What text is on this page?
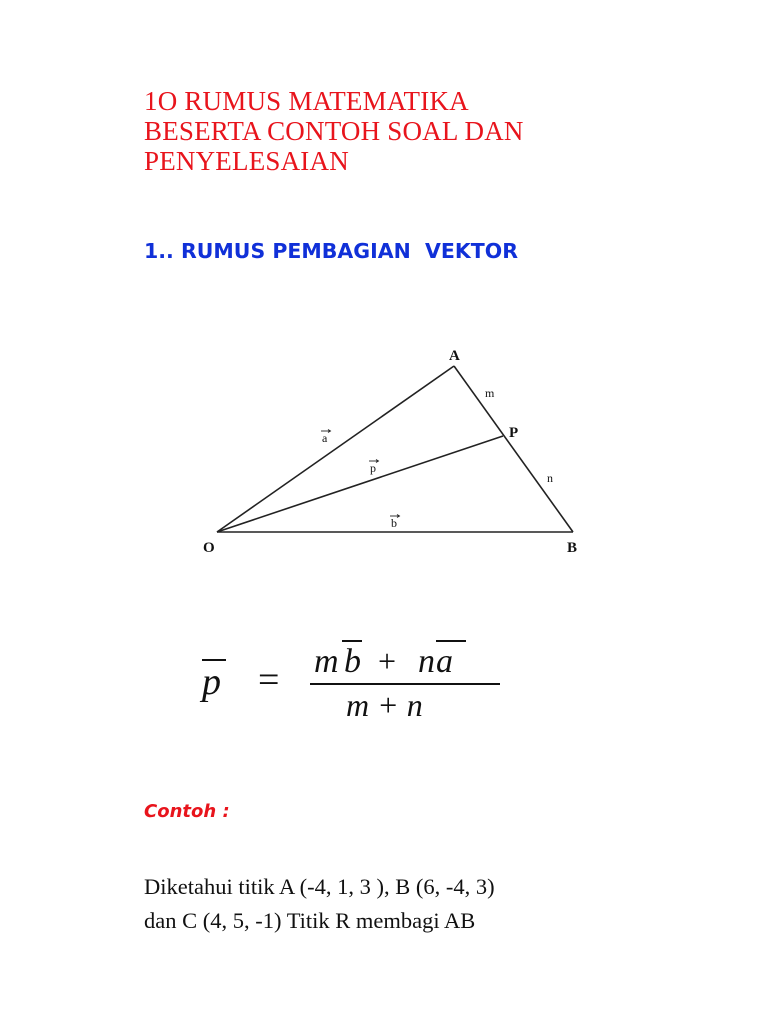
1O RUMUS MATEMATIKA
BESERTA CONTOH SOAL DAN
PENYELESAIAN
1.. RUMUS PEMBAGIAN  VEKTOR
A
P
O	B
m
n
a
p
b
p = m b + n a
m + n
Contoh :
Diketahui titik A (-4, 1, 3 ), B (6, -4, 3)
dan C (4, 5, -1) Titik R membagi AB
